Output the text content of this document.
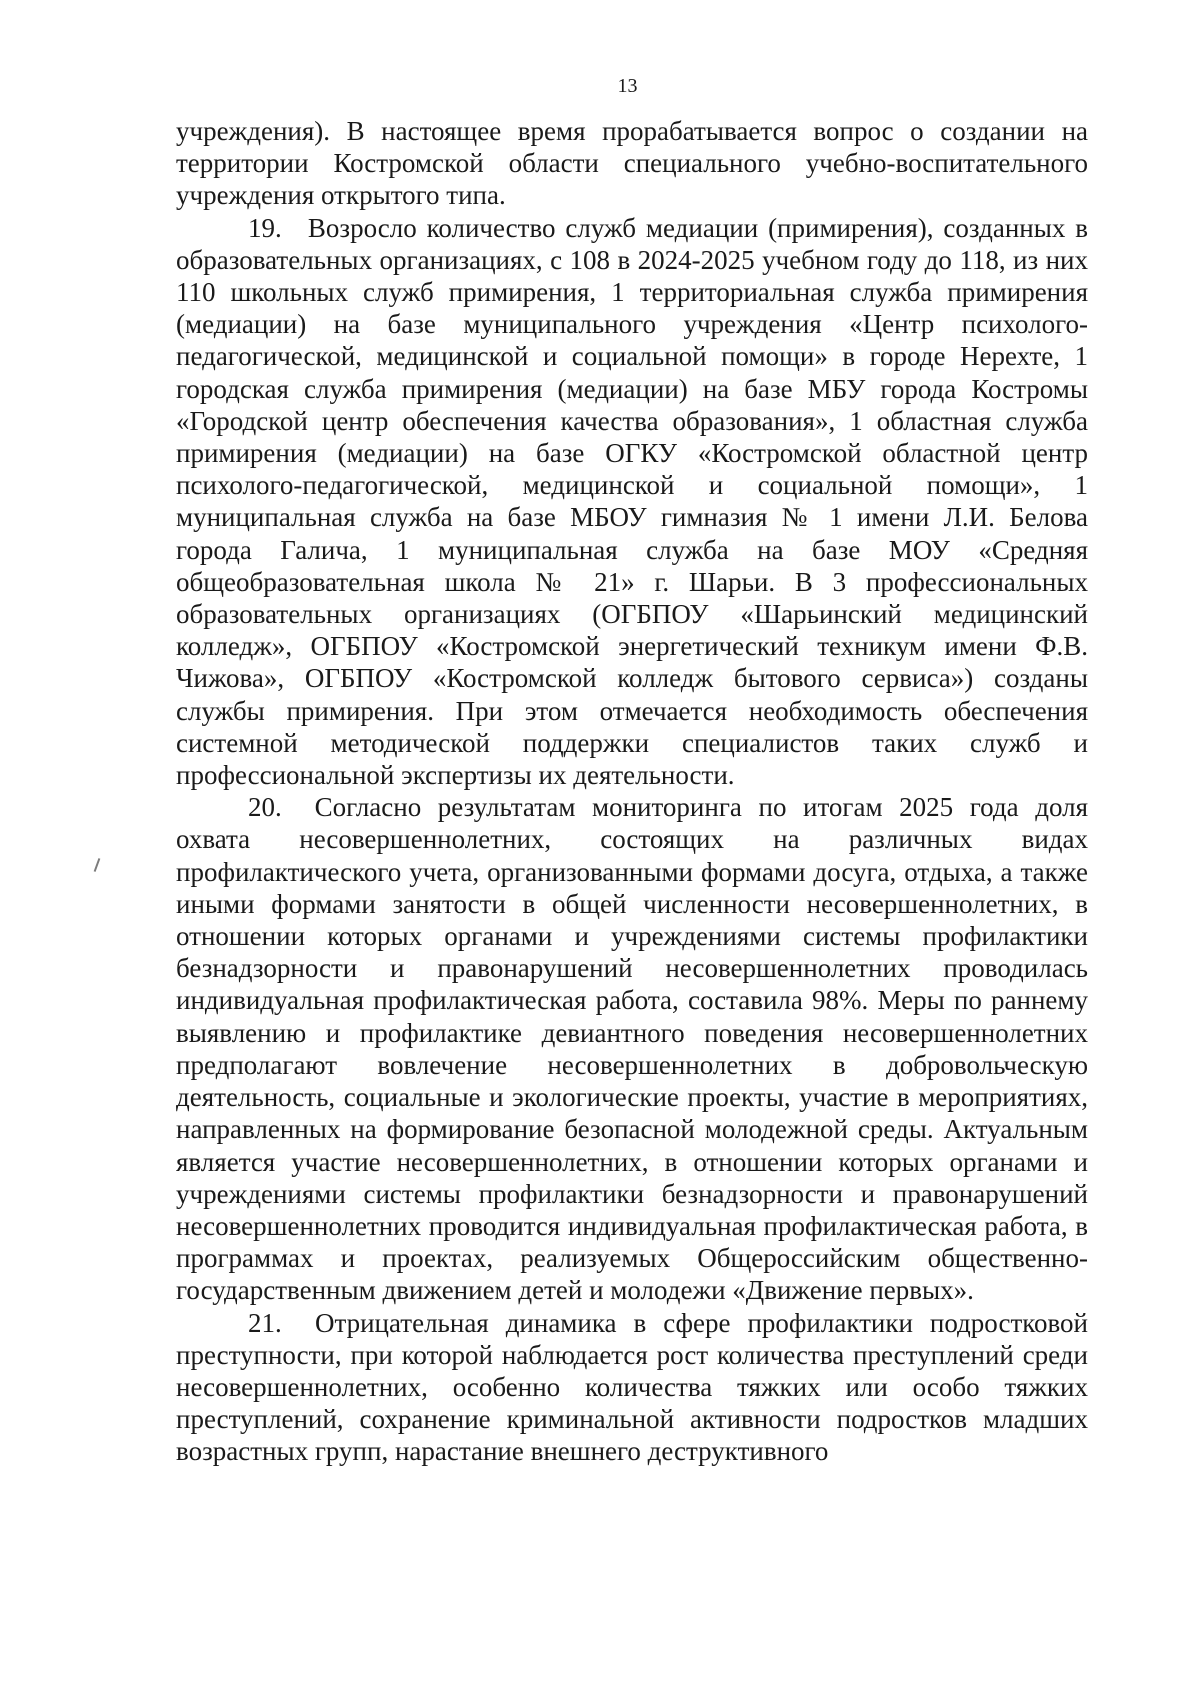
13

учреждения). В настоящее время прорабатывается вопрос о создании на территории Костромской области специального учебно-воспитательного учреждения открытого типа.

19. Возросло количество служб медиации (примирения), созданных в образовательных организациях, с 108 в 2024-2025 учебном году до 118, из них 110 школьных служб примирения, 1 территориальная служба примирения (медиации) на базе муниципального учреждения «Центр психолого-педагогической, медицинской и социальной помощи» в городе Нерехте, 1 городская служба примирения (медиации) на базе МБУ города Костромы «Городской центр обеспечения качества образования», 1 областная служба примирения (медиации) на базе ОГКУ «Костромской областной центр психолого-педагогической, медицинской и социальной помощи», 1 муниципальная служба на базе МБОУ гимназия № 1 имени Л.И. Белова города Галича, 1 муниципальная служба на базе МОУ «Средняя общеобразовательная школа № 21» г. Шарьи. В 3 профессиональных образовательных организациях (ОГБПОУ «Шарьинский медицинский колледж», ОГБПОУ «Костромской энергетический техникум имени Ф.В. Чижова», ОГБПОУ «Костромской колледж бытового сервиса») созданы службы примирения. При этом отмечается необходимость обеспечения системной методической поддержки специалистов таких служб и профессиональной экспертизы их деятельности.

20. Согласно результатам мониторинга по итогам 2025 года доля охвата несовершеннолетних, состоящих на различных видах профилактического учета, организованными формами досуга, отдыха, а также иными формами занятости в общей численности несовершеннолетних, в отношении которых органами и учреждениями системы профилактики безнадзорности и правонарушений несовершеннолетних проводилась индивидуальная профилактическая работа, составила 98%. Меры по раннему выявлению и профилактике девиантного поведения несовершеннолетних предполагают вовлечение несовершеннолетних в добровольческую деятельность, социальные и экологические проекты, участие в мероприятиях, направленных на формирование безопасной молодежной среды. Актуальным является участие несовершеннолетних, в отношении которых органами и учреждениями системы профилактики безнадзорности и правонарушений несовершеннолетних проводится индивидуальная профилактическая работа, в программах и проектах, реализуемых Общероссийским общественно-государственным движением детей и молодежи «Движение первых».

21. Отрицательная динамика в сфере профилактики подростковой преступности, при которой наблюдается рост количества преступлений среди несовершеннолетних, особенно количества тяжких или особо тяжких преступлений, сохранение криминальной активности подростков младших возрастных групп, нарастание внешнего деструктивного
